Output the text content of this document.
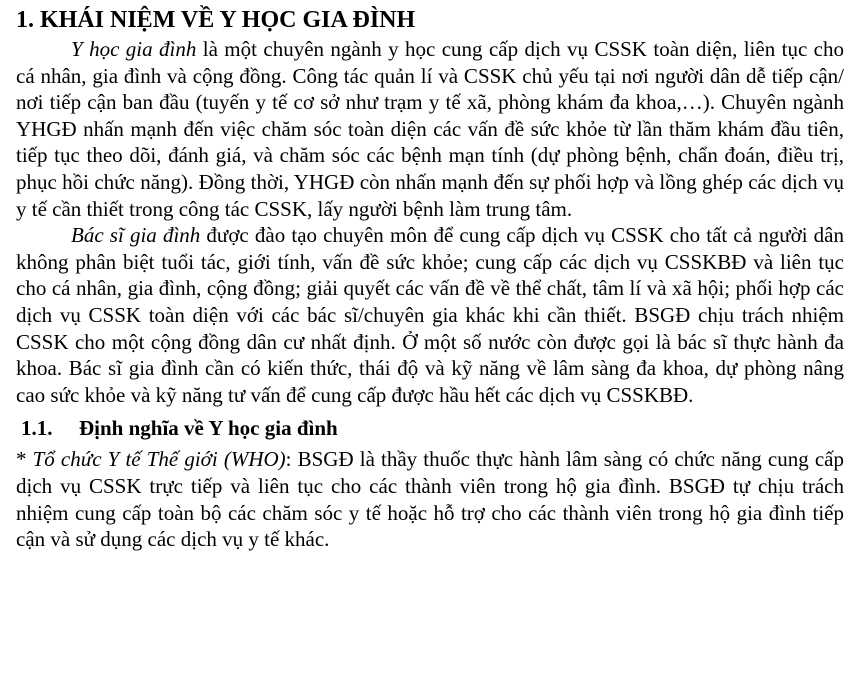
1. KHÁI NIỆM VỀ Y HỌC GIA ĐÌNH

Y học gia đình là một chuyên ngành y học cung cấp dịch vụ CSSK toàn diện, liên tục cho cá nhân, gia đình và cộng đồng. Công tác quản lí và CSSK chủ yếu tại nơi người dân dễ tiếp cận/ nơi tiếp cận ban đầu (tuyến y tế cơ sở như trạm y tế xã, phòng khám đa khoa,…). Chuyên ngành YHGĐ nhấn mạnh đến việc chăm sóc toàn diện các vấn đề sức khỏe từ lần thăm khám đầu tiên, tiếp tục theo dõi, đánh giá, và chăm sóc các bệnh mạn tính (dự phòng bệnh, chẩn đoán, điều trị, phục hồi chức năng). Đồng thời, YHGĐ còn nhấn mạnh đến sự phối hợp và lồng ghép các dịch vụ y tế cần thiết trong công tác CSSK, lấy người bệnh làm trung tâm.

Bác sĩ gia đình được đào tạo chuyên môn để cung cấp dịch vụ CSSK cho tất cả người dân không phân biệt tuổi tác, giới tính, vấn đề sức khỏe; cung cấp các dịch vụ CSSKBĐ và liên tục cho cá nhân, gia đình, cộng đồng; giải quyết các vấn đề về thể chất, tâm lí và xã hội; phối hợp các dịch vụ CSSK toàn diện với các bác sĩ/chuyên gia khác khi cần thiết. BSGĐ chịu trách nhiệm CSSK cho một cộng đồng dân cư nhất định. Ở một số nước còn được gọi là bác sĩ thực hành đa khoa. Bác sĩ gia đình cần có kiến thức, thái độ và kỹ năng về lâm sàng đa khoa, dự phòng nâng cao sức khỏe và kỹ năng tư vấn để cung cấp được hầu hết các dịch vụ CSSKBĐ.

1.1. Định nghĩa về Y học gia đình

* Tổ chức Y tế Thế giới (WHO): BSGĐ là thầy thuốc thực hành lâm sàng có chức năng cung cấp dịch vụ CSSK trực tiếp và liên tục cho các thành viên trong hộ gia đình. BSGĐ tự chịu trách nhiệm cung cấp toàn bộ các chăm sóc y tế hoặc hỗ trợ cho các thành viên trong hộ gia đình tiếp cận và sử dụng các dịch vụ y tế khác.
